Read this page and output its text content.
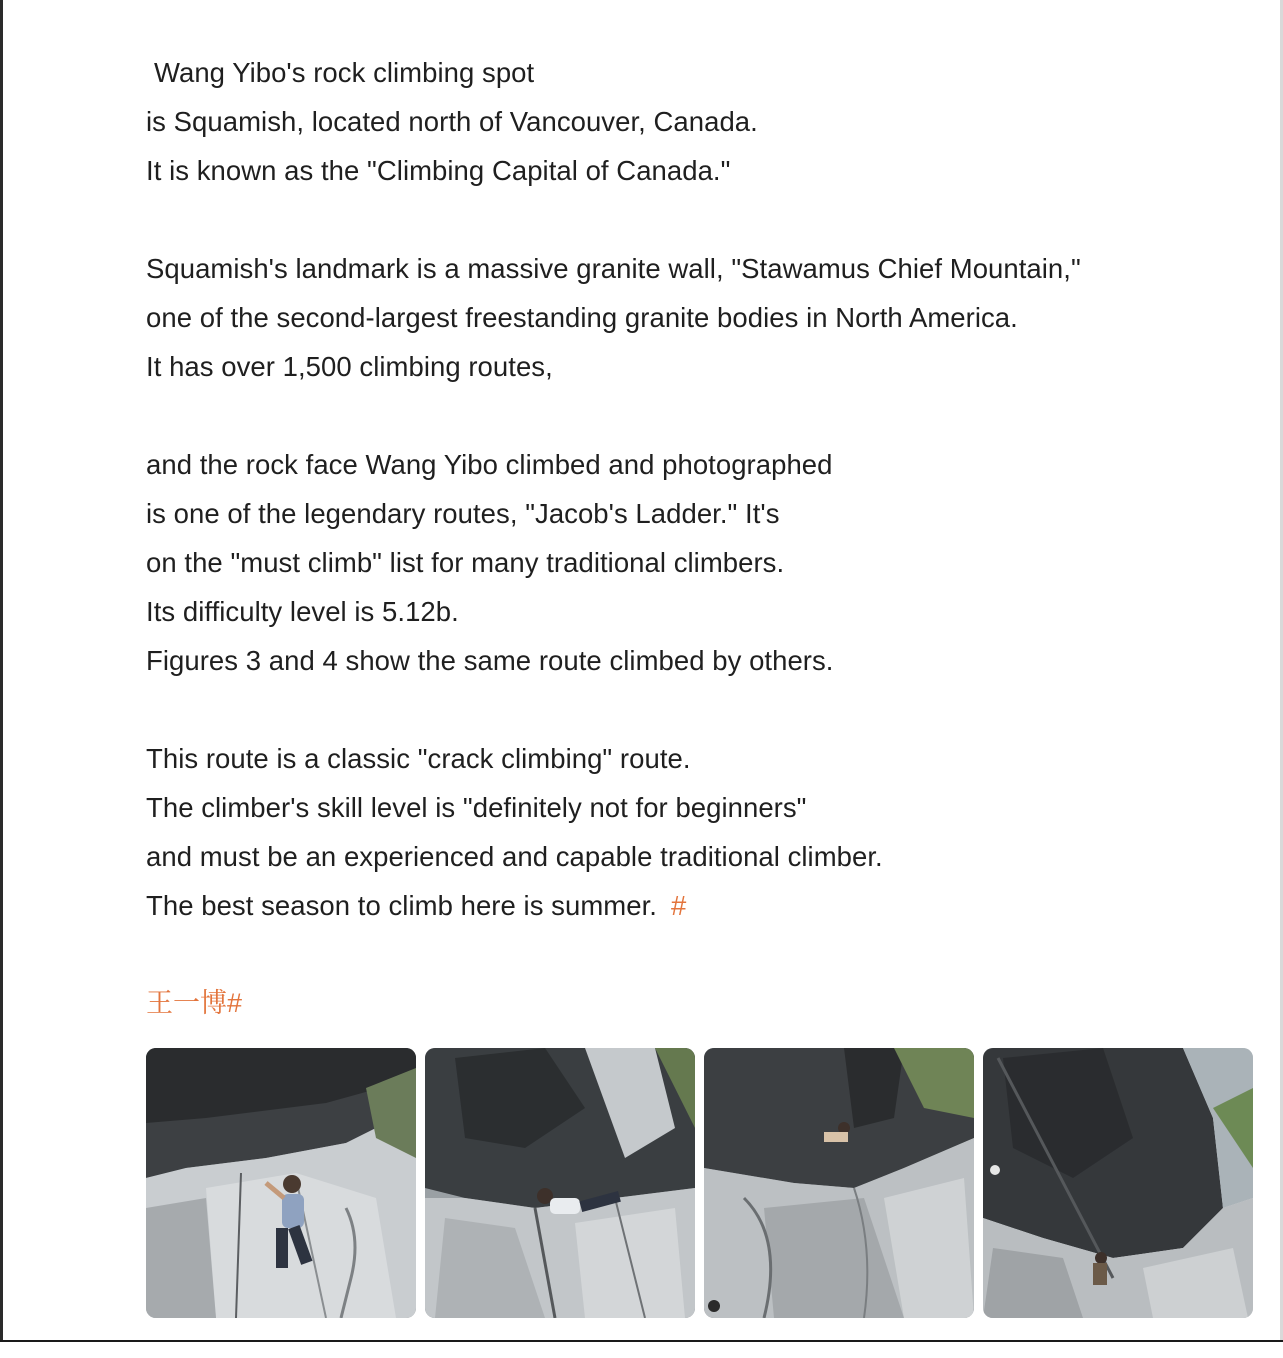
Wang Yibo's rock climbing spot
is Squamish, located north of Vancouver, Canada.
It is known as the "Climbing Capital of Canada."
Squamish's landmark is a massive granite wall, "Stawamus Chief Mountain,"
one of the second-largest freestanding granite bodies in North America.
It has over 1,500 climbing routes,
and the rock face Wang Yibo climbed and photographed
is one of the legendary routes, "Jacob's Ladder." It's
on the "must climb" list for many traditional climbers.
Its difficulty level is 5.12b.
Figures 3 and 4 show the same route climbed by others.
This route is a classic "crack climbing" route.
The climber's skill level is "definitely not for beginners"
and must be an experienced and capable traditional climber.
The best season to climb here is summer. #
王一博#
